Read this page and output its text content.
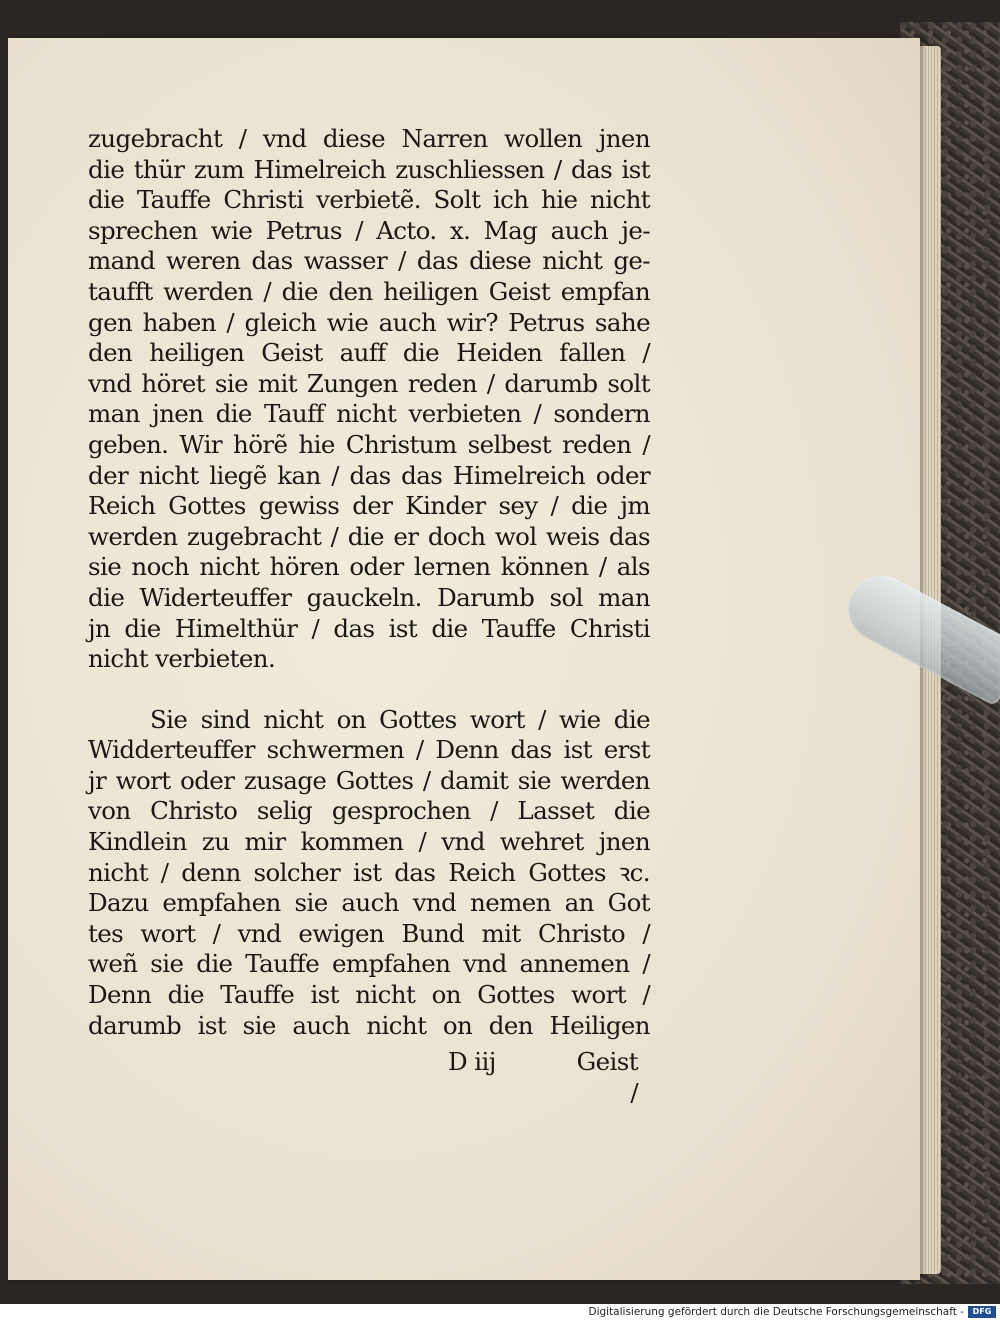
zugebracht / vnd diese Narren wollen jnen
die thür zum Himelreich zuschliessen / das ist
die Tauffe Christi verbietẽ. Solt ich hie nicht
sprechen wie Petrus / Acto. x. Mag auch je-
mand weren das wasser / das diese nicht ge-
taufft werden / die den heiligen Geist empfan
gen haben / gleich wie auch wir? Petrus sahe
den heiligen Geist auff die Heiden fallen /
vnd höret sie mit Zungen reden / darumb solt
man jnen die Tauff nicht verbieten / sondern
geben. Wir hörẽ hie Christum selbest reden /
der nicht liegẽ kan / das das Himelreich oder
Reich Gottes gewiss der Kinder sey / die jm
werden zugebracht / die er doch wol weis das
sie noch nicht hören oder lernen können / als
die Widerteuffer gauckeln. Darumb sol man
jn die Himelthür / das ist die Tauffe Christi
nicht verbieten.
Sie sind nicht on Gottes wort / wie die
Widderteuffer schwermen / Denn das ist erst
jr wort oder zusage Gottes / damit sie werden
von Christo selig gesprochen / Lasset die
Kindlein zu mir kommen / vnd wehret jnen
nicht / denn solcher ist das Reich Gottes ꝛc.
Dazu empfahen sie auch vnd nemen an Got
tes wort / vnd ewigen Bund mit Christo /
weñ sie die Tauffe empfahen vnd annemen /
Denn die Tauffe ist nicht on Gottes wort /
darumb ist sie auch nicht on den Heiligen
D iij	Geist /
Digitalisierung gefördert durch die Deutsche Forschungsgemeinschaft -	DFG
